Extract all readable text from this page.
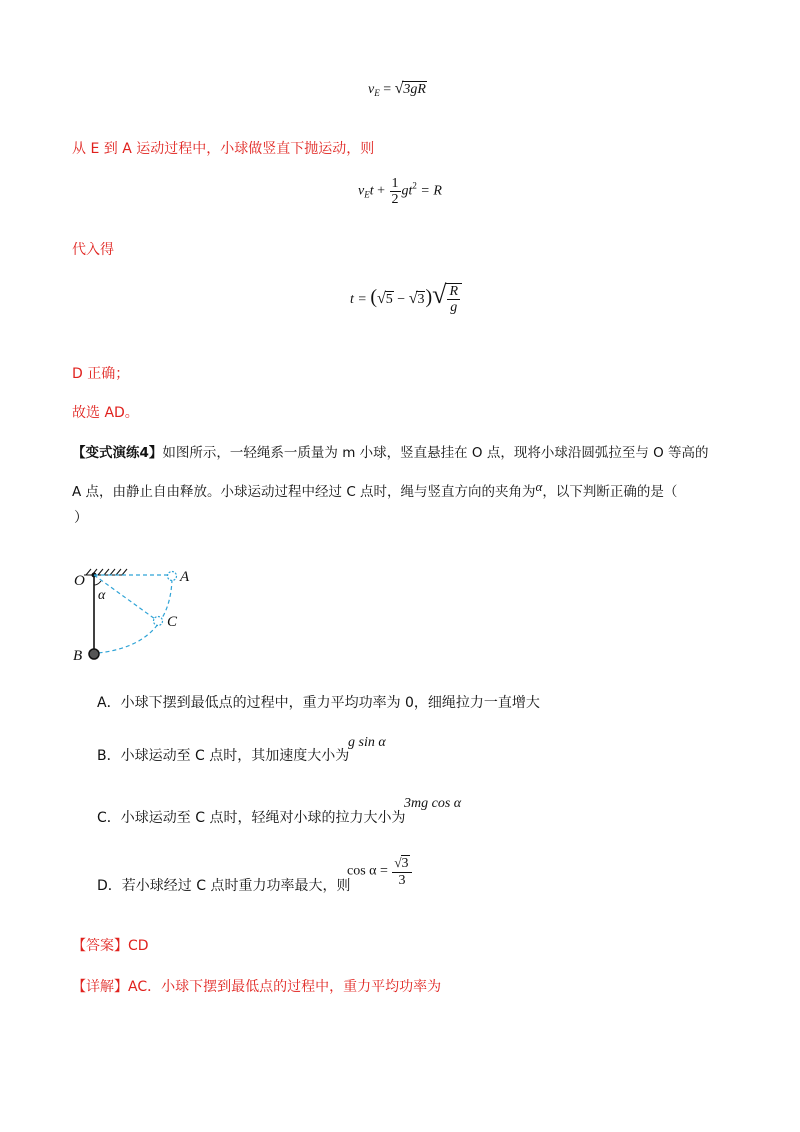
$v_E = √3gR$
从 E 到 A 运动过程中，小球做竖直下抛运动，则
$v_Et + \frac{1}{2} gt^2 = R$
代入得
$t = (√5 - √3)√ \frac{R}{g}$
D 正确；
故选 AD。
【变式演练4】如图所示，一轻绳系一质量为 m 小球，竖直悬挂在 O 点，现将小球沿圆弧拉至与 O 等高的
A 点，由静止自由释放。小球运动过程中经过 C 点时，绳与竖直方向的夹角为α，以下判断正确的是（
）
O	A
C
B
α
A．小球下摆到最低点的过程中，重力平均功率为 0，细绳拉力一直增大
B．小球运动至 C 点时，其加速度大小为
g sin α
C．小球运动至 C 点时，轻绳对小球的拉力大小为
3mg cos α
D．若小球经过 C 点时重力功率最大，则
$\cos \alpha = \frac{√3}{3}$
【答案】CD
【详解】AC．小球下摆到最低点的过程中，重力平均功率为
